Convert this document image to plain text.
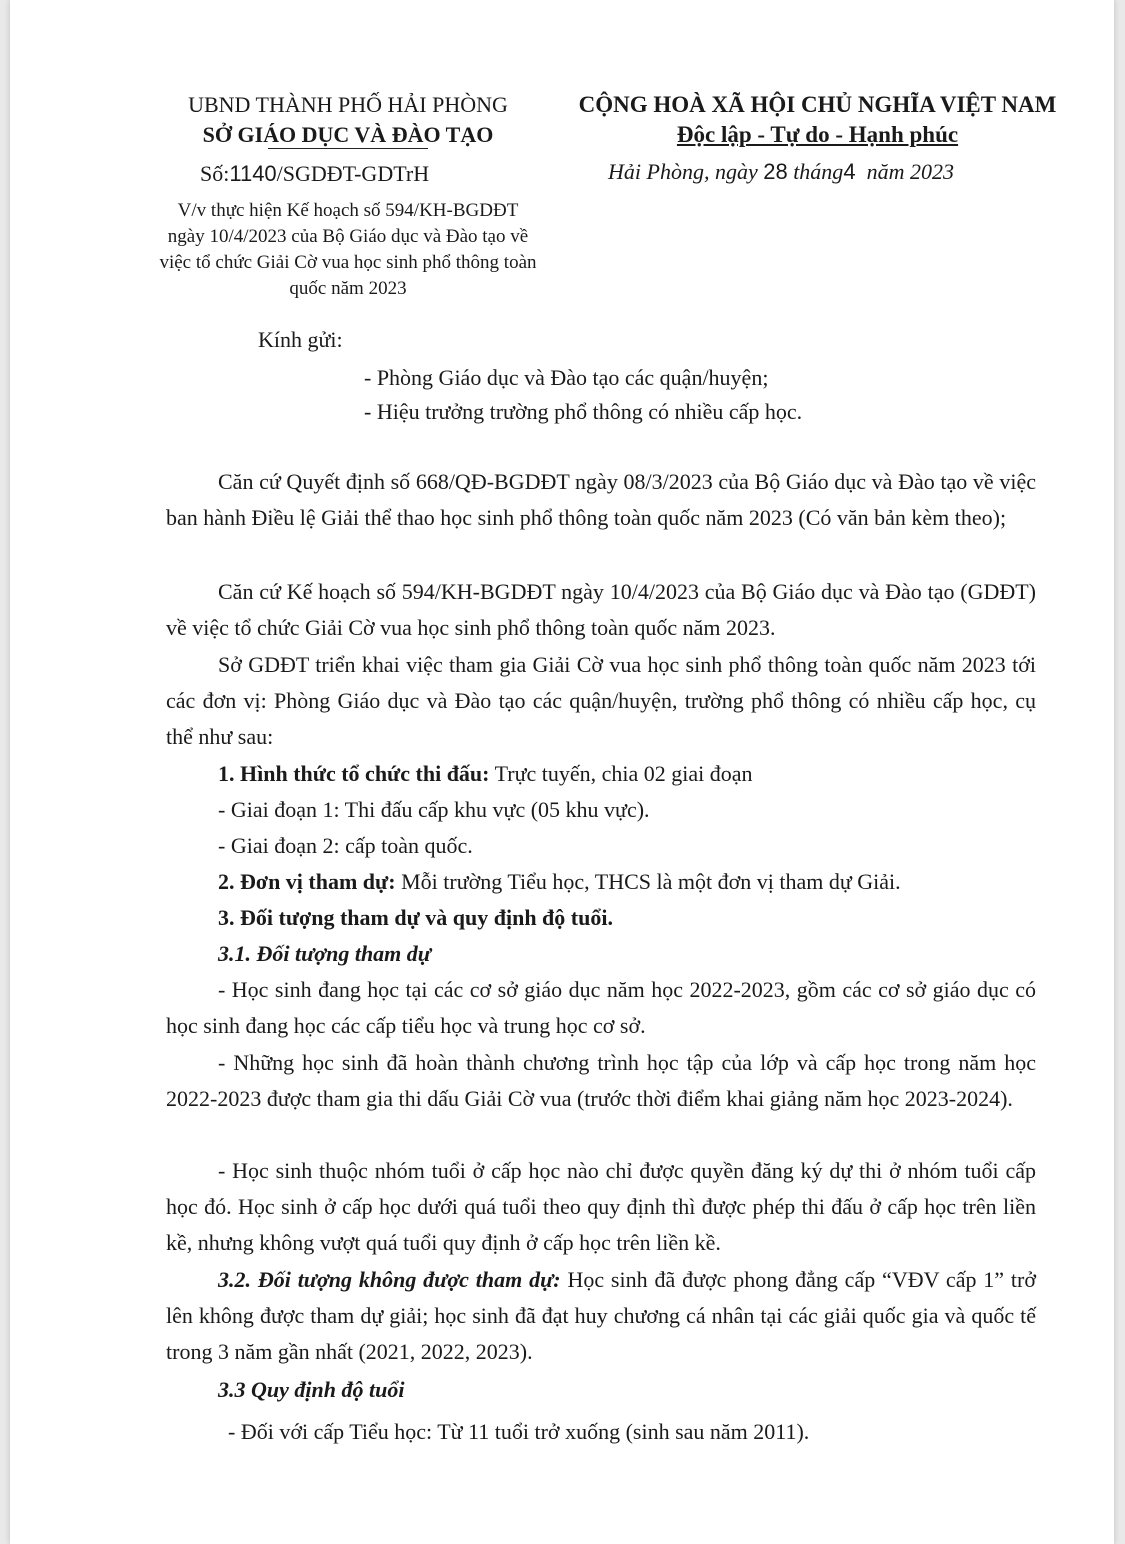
UBND THÀNH PHỐ HẢI PHÒNG
SỞ GIÁO DỤC VÀ ĐÀO TẠO
Số:1140/SGDĐT-GDTrH
CỘNG HOÀ XÃ HỘI CHỦ NGHĨA VIỆT NAM
Độc lập - Tự do - Hạnh phúc
Hải Phòng, ngày 28 tháng4 năm 2023
V/v thực hiện Kế hoạch số 594/KH-BGDĐT ngày 10/4/2023 của Bộ Giáo dục và Đào tạo về việc tổ chức Giải Cờ vua học sinh phổ thông toàn quốc năm 2023
Kính gửi:
- Phòng Giáo dục và Đào tạo các quận/huyện;
- Hiệu trưởng trường phổ thông có nhiều cấp học.

Căn cứ Quyết định số 668/QĐ-BGDĐT ngày 08/3/2023 của Bộ Giáo dục và Đào tạo về việc ban hành Điều lệ Giải thể thao học sinh phổ thông toàn quốc năm 2023 (Có văn bản kèm theo);

Căn cứ Kế hoạch số 594/KH-BGDĐT ngày 10/4/2023 của Bộ Giáo dục và Đào tạo (GDĐT) về việc tổ chức Giải Cờ vua học sinh phổ thông toàn quốc năm 2023.

Sở GDĐT triển khai việc tham gia Giải Cờ vua học sinh phổ thông toàn quốc năm 2023 tới các đơn vị: Phòng Giáo dục và Đào tạo các quận/huyện, trường phổ thông có nhiều cấp học, cụ thể như sau:

1. Hình thức tổ chức thi đấu: Trực tuyến, chia 02 giai đoạn
- Giai đoạn 1: Thi đấu cấp khu vực (05 khu vực).
- Giai đoạn 2: cấp toàn quốc.
2. Đơn vị tham dự: Mỗi trường Tiểu học, THCS là một đơn vị tham dự Giải.
3. Đối tượng tham dự và quy định độ tuổi.
3.1. Đối tượng tham dự

- Học sinh đang học tại các cơ sở giáo dục năm học 2022-2023, gồm các cơ sở giáo dục có học sinh đang học các cấp tiểu học và trung học cơ sở.

- Những học sinh đã hoàn thành chương trình học tập của lớp và cấp học trong năm học 2022-2023 được tham gia thi dấu Giải Cờ vua (trước thời điểm khai giảng năm học 2023-2024).

- Học sinh thuộc nhóm tuổi ở cấp học nào chỉ được quyền đăng ký dự thi ở nhóm tuổi cấp học đó. Học sinh ở cấp học dưới quá tuổi theo quy định thì được phép thi đấu ở cấp học trên liền kề, nhưng không vượt quá tuổi quy định ở cấp học trên liền kề.

3.2. Đối tượng không được tham dự: Học sinh đã được phong đẳng cấp “VĐV cấp 1” trở lên không được tham dự giải; học sinh đã đạt huy chương cá nhân tại các giải quốc gia và quốc tế trong 3 năm gần nhất (2021, 2022, 2023).

3.3 Quy định độ tuổi
- Đối với cấp Tiểu học: Từ 11 tuổi trở xuống (sinh sau năm 2011).
